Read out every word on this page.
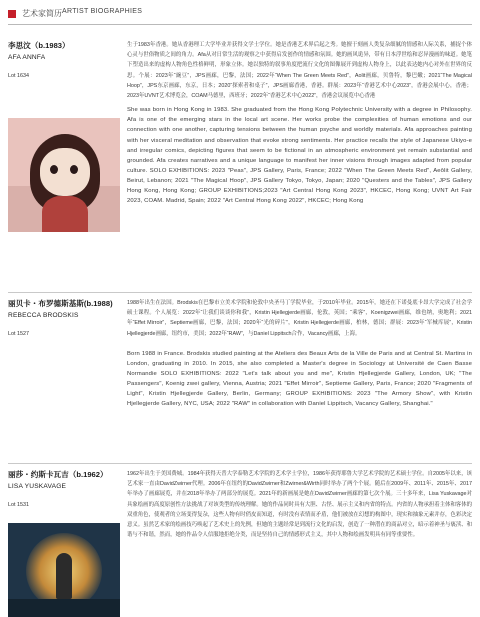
艺术家简历 ARTIST BIOGRAPHIES
李思汶（b.1983）
AFA ANNFA
Lot 1634

生于1983年香港。她从香港理工大学毕业并获得文学士学位。她是香港艺术界后起之秀。她擅于刻画人类复杂细腻的情感和人际关系，捕捉个体心灵与世俗物质之间的角力。Afa从对日常生活的观察之中获得启发创作的情感和氛围。她的画风诡异，带有日本浮世绘和忍异漫画的味道。她笔下塑造出来的虚构人物角色性格鲜明，形象立体。她以独特的叙事角度把流行文化的图像展开到虚构人物身上，以此表达她内心对外在世界的反思。个展：2023年“豌豆”，JPS画廊，巴黎，法国；2022年“When The Green Meets Red”，Aolit画廊，贝鲁特，黎巴嫩；2021“The Magical Hoop”，JPS东京画廊，东京，日本；2020“探索者和桌子”，JPS画廊香港，香港。群展：2023年“香港艺术中心2023”，香港会展中心，香港；2023年UVNT艺术博览会，COAM马德里，西班牙；2022年“香港艺术中心2022”，香港会议展览中心香港

She was born in Hong Kong in 1983. She graduated from the Hong Kong Polytechnic University with a degree in Philosophy. Afa is one of the emerging stars in the local art scene. Her works probe the complexities of human emotions and our connection with one another, capturing tensions between the human psyche and worldly materials. Afa approaches painting with her visceral meditation and observation that evoke strong sentiments. Her practice recalls the style of Japanese Ukiyo-e and irregular comics, depicting figures that seem to be fictional in an atmospheric environment yet remain substantial and grounded. Afa creates narratives and a unique language to manifest her inner visions through images adapted from popular culture. SOLO EXHIBITIONS: 2023 "Peas", JPS Gallery, Paris, France; 2022 "When The Green Meets Red", Aeôlit Gallery, Beirut, Lebanon; 2021 "The Magical Hoop", JPS Gallery Tokyo, Tokyo, Japan; 2020 "Questers and the Tables", JPS Gallery Hong Kong, Hong Kong; GROUP EXHIBITIONS;2023 "Art Central Hong Kong 2023", HKCEC, Hong Kong; UVNT Art Fair 2023, COAM. Madrid, Spain; 2022 "Art Central Hong Kong 2022", HKCEC; Hong Kong

丽贝卡・布罗德斯基斯(b.1988)
REBECCA BRODSKIS
Lot 1527

1988年出生在法国。Brodskis在巴黎市立美术学院和伦敦中央圣马丁学院毕业，于2010年毕业。2015年，她还在下诺曼底卡昂大学完成了社会学硕士课程。个人展览：2022年“让我们谈谈你和我”，Kristin Hjellegjerde画廊，伦敦，英国；“乘客”，Koenigzwei画廊，维也纳，奥地利；2021年“Effet Mirroir”，Septieme画廊，巴黎，法国；2020年“光的碎片”，Kristin Hjellegjerde画廊，柏林，德国；群展：2023年“军械库展”，Kristin Hjellegjerde画廊，纽约市，美国；2022年“RAW”，与Daniel Lippitsch合作，Vacancy画廊，上海。

Born 1988 in France. Brodskis studied painting at the Ateliers des Beaux Arts de la Ville de Paris and at Central St. Martins in London, graduating in 2010. In 2015, she also completed a Master's degree in Sociology at Université de Caen Basse Normandie SOLO EXHIBITIONS: 2022 "Let's talk about you and me", Kristin Hjellegjerde Gallery, London, UK; "The Passengers", Koenig zwei gallery, Vienna, Austria; 2021 "Effet Mirroir", Septieme Gallery, Paris, France; 2020 "Fragments of Light", Kristin Hjellegjerde Gallery, Berlin, Germany; GROUP EXHIBITIONS: 2023 "The Armory Show", with Kristin Hjellegjerde Gallery, NYC, USA; 2022 "RAW" in collaboration with Daniel Lippitsch, Vacancy Gallery, Shanghai."

丽莎・约斯卡瓦吉（b.1962）
LISA YUSKAVAGE
Lot 1531

1962年出生于美国费城。1984年获得天普大学泰勒艺术学院的艺术学士学位，1986年获得耶鲁大学艺术学院的艺术硕士学位。自2005年以来，该艺术家一直由DavidZwirner代理。2006年在纽约的DavidZwirner和Zwirner&Wirth同时举办了两个个展。随后在2009年、2011年、2015年、2017年举办了画廊展览，并在2018年举办了两部分的展览。2021年的新画展是她在DavidZwirner画廊的第七次个展。三十多年来，Lisa Yuskavage对具象绘画的高度原创性方法挑战了对该类型的传统理解。她的作品同时具有大胆、古怪、展示主义和内省的特点。内省的人物承担着主体和客体的双重角色，使观者的立场变得复杂，这些人物有时俏皮而知道，有时没有表情而矛盾，他们被放在幻想的构图中，现实和抽象元素并存，色彩决定意义。虽然艺术家的绘画技巧唤起了艺术史上的先例，但她的主题经常是到流行文化的启发，创造了一种潜在的商品对立，暗示着神圣与亵渎、和谐与不和谐，然而，她的作品令人信服地拒绝分类，而是坚持自己的情感形式主义，其中人物和绘画发明具有同等重要性。
